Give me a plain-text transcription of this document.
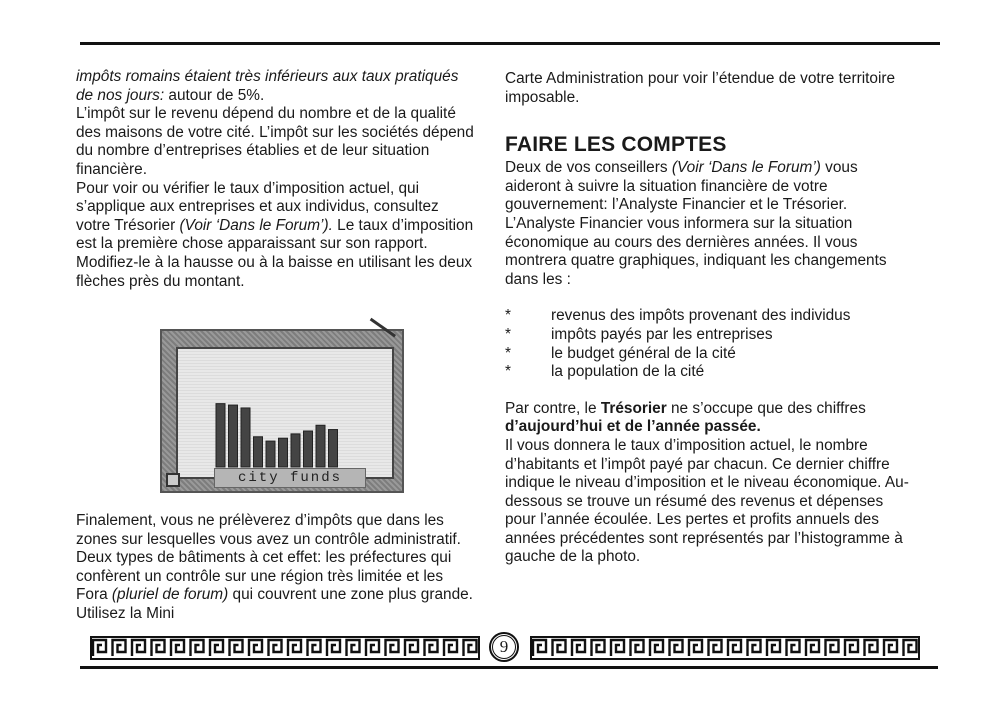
impôts romains étaient très inférieurs aux taux pratiqués de nos jours: autour de 5%.

L’impôt sur le revenu dépend du nombre et de la qualité des maisons de votre cité. L’impôt sur les sociétés dépend du nombre d’entreprises établies et de leur situation financière.

Pour voir ou vérifier le taux d’imposition actuel, qui s’applique aux entreprises et aux individus, consultez votre Trésorier (Voir ‘Dans le Forum’). Le taux d’imposition est la première chose apparaissant sur son rapport. Modifiez-le à la hausse ou à la baisse en utilisant les deux flèches près du montant.

city funds

Finalement, vous ne prélèverez d’impôts que dans les zones sur lesquelles vous avez un contrôle administratif. Deux types de bâtiments à cet effet: les préfectures qui confèrent un contrôle sur une région très limitée et les Fora (pluriel de forum) qui couvrent une zone plus grande. Utilisez la Mini

Carte Administration pour voir l’étendue de votre territoire imposable.

FAIRE LES COMPTES

Deux de vos conseillers (Voir ‘Dans le Forum’) vous aideront à suivre la situation financière de votre gouvernement: l’Analyste Financier et le Trésorier.

L’Analyste Financier vous informera sur la situation économique au cours des dernières années. Il vous montrera quatre graphiques, indiquant les changements dans les :

*	revenus des impôts provenant des individus
*	impôts payés par les entreprises
*	le budget général de la cité
*	la population de la cité

Par contre, le Trésorier ne s’occupe que des chiffres d’aujourd’hui et de l’année passée.

Il vous donnera le taux d’imposition actuel, le nombre d’habitants et l’impôt payé par chacun. Ce dernier chiffre indique le niveau d’imposition et le niveau économique. Au-dessous se trouve un résumé des revenus et dépenses pour l’année écoulée. Les pertes et profits annuels des années précédentes sont représentés par l’histogramme à gauche de la photo.

9
